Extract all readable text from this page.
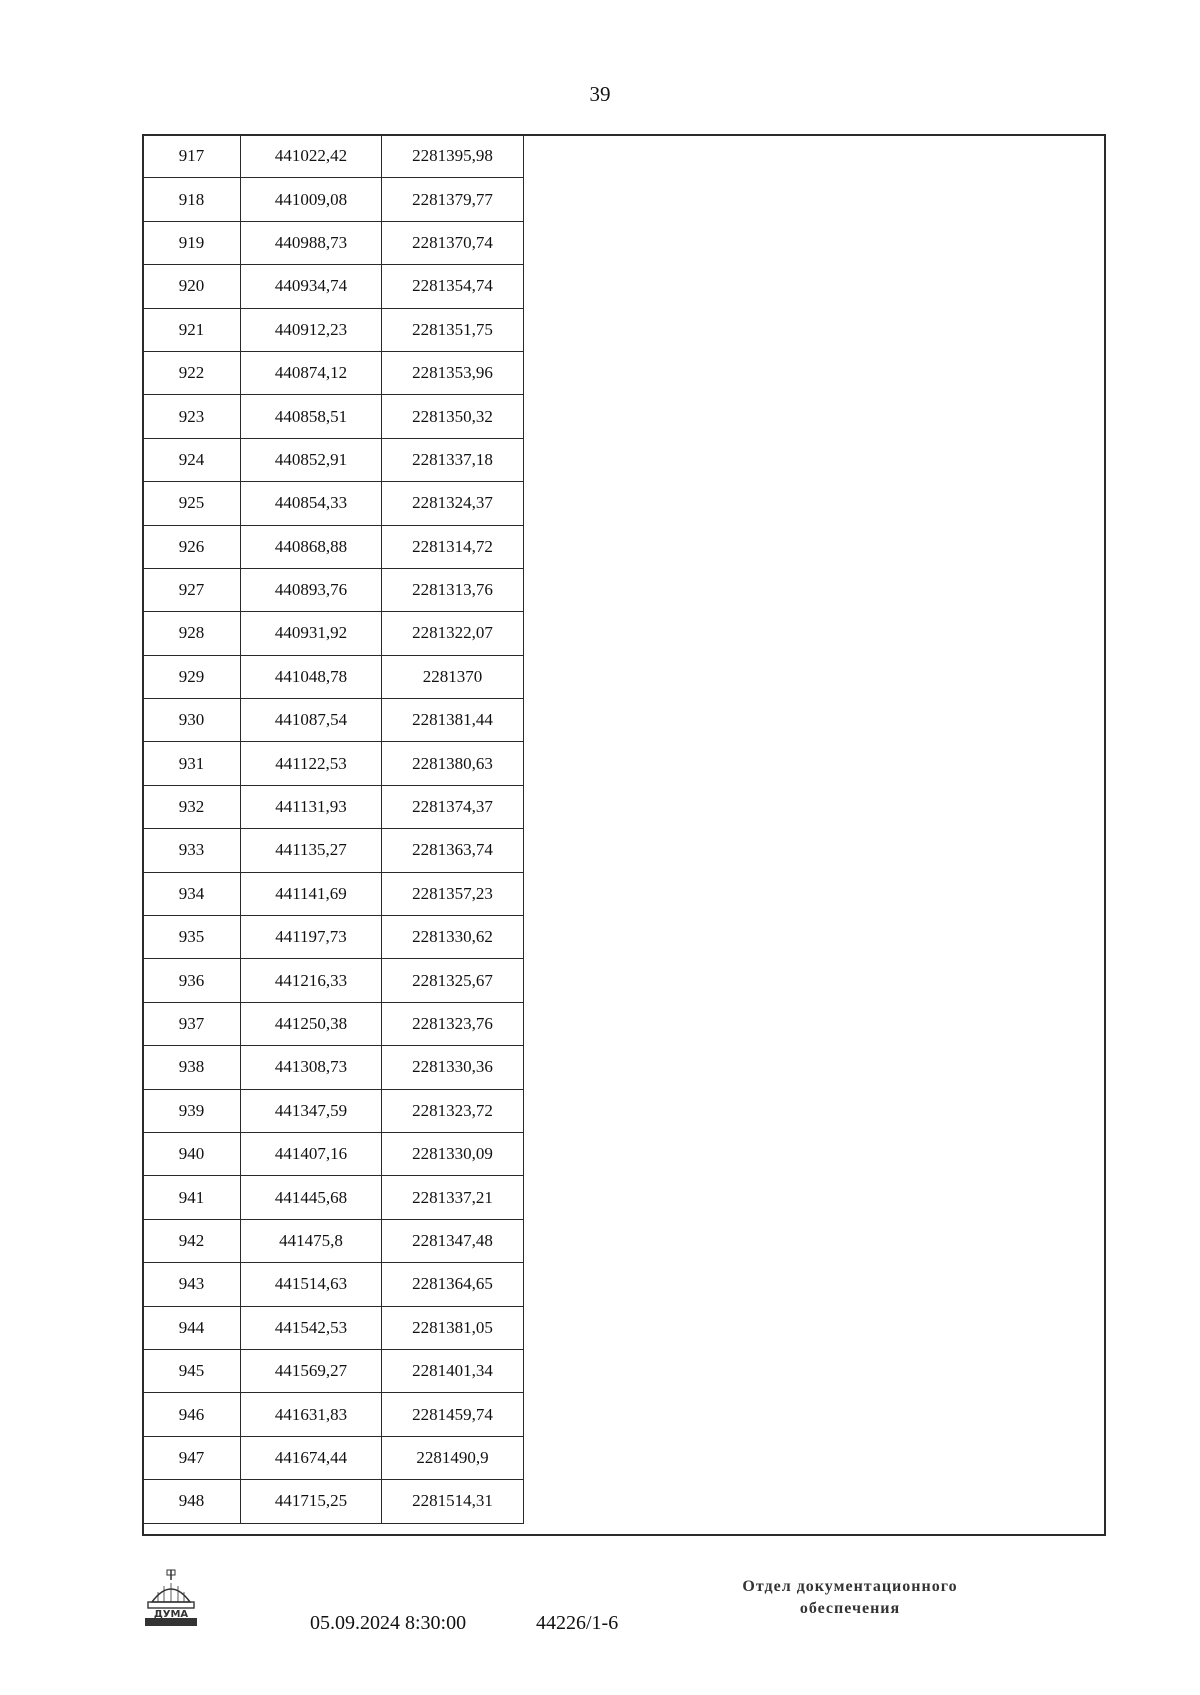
39
917	441022,42	2281395,98
918	441009,08	2281379,77
919	440988,73	2281370,74
920	440934,74	2281354,74
921	440912,23	2281351,75
922	440874,12	2281353,96
923	440858,51	2281350,32
924	440852,91	2281337,18
925	440854,33	2281324,37
926	440868,88	2281314,72
927	440893,76	2281313,76
928	440931,92	2281322,07
929	441048,78	2281370
930	441087,54	2281381,44
931	441122,53	2281380,63
932	441131,93	2281374,37
933	441135,27	2281363,74
934	441141,69	2281357,23
935	441197,73	2281330,62
936	441216,33	2281325,67
937	441250,38	2281323,76
938	441308,73	2281330,36
939	441347,59	2281323,72
940	441407,16	2281330,09
941	441445,68	2281337,21
942	441475,8	2281347,48
943	441514,63	2281364,65
944	441542,53	2281381,05
945	441569,27	2281401,34
946	441631,83	2281459,74
947	441674,44	2281490,9
948	441715,25	2281514,31
ДУМА	05.09.2024 8:30:00	44226/1-6
Отдел документационного
обеспечения
